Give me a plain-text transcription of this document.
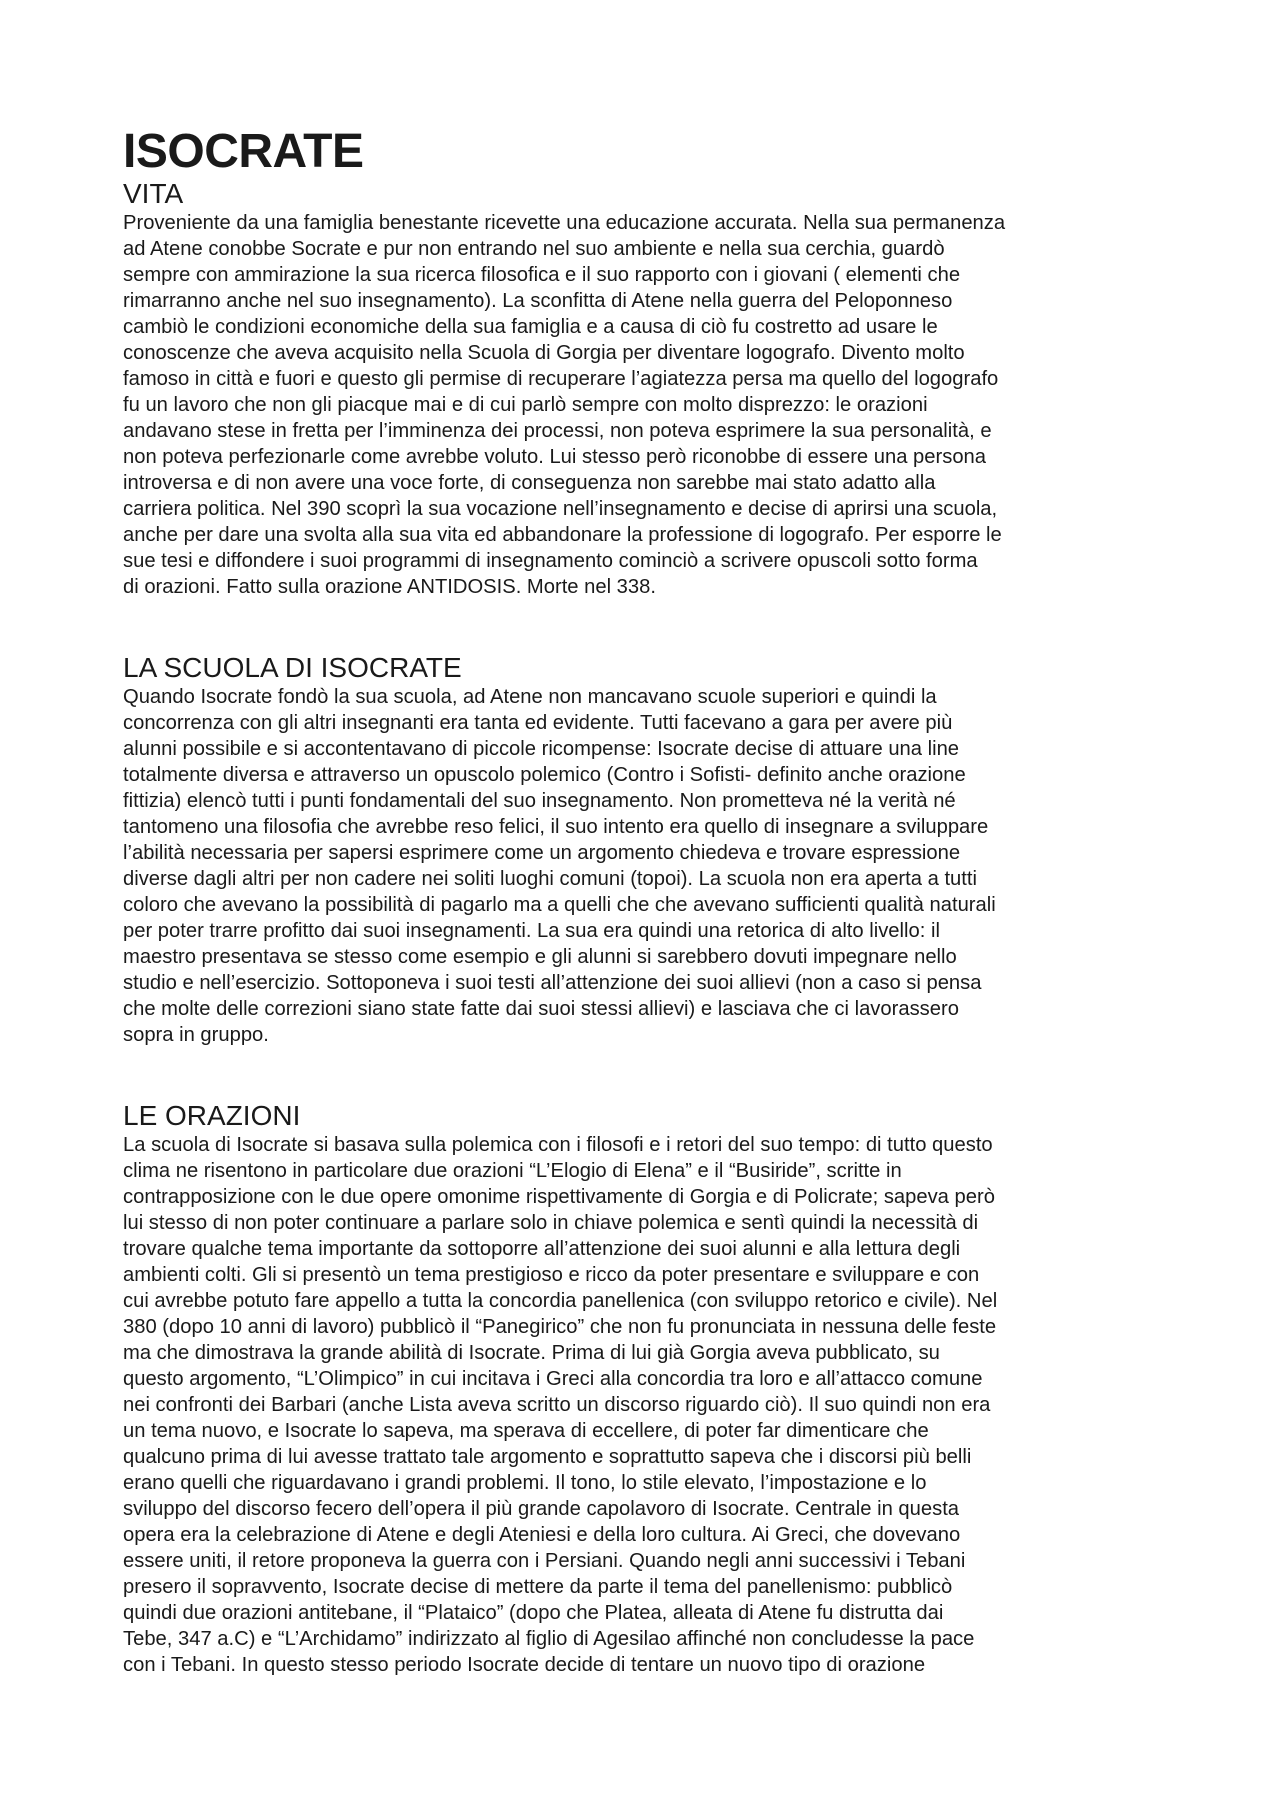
ISOCRATE
VITA

Proveniente da una famiglia benestante ricevette una educazione accurata. Nella sua permanenza
ad Atene conobbe Socrate e pur non entrando nel suo ambiente e nella sua cerchia, guardò
sempre con ammirazione la sua ricerca filosofica e il suo rapporto con i giovani ( elementi che
rimarranno anche nel suo insegnamento). La sconfitta di Atene nella guerra del Peloponneso
cambiò le condizioni economiche della sua famiglia e a causa di ciò fu costretto ad usare le
conoscenze che aveva acquisito nella Scuola di Gorgia per diventare logografo. Divento molto
famoso in città e fuori e questo gli permise di recuperare l’agiatezza persa ma quello del logografo
fu un lavoro che non gli piacque mai e di cui parlò sempre con molto disprezzo: le orazioni
andavano stese in fretta per l’imminenza dei processi, non poteva esprimere la sua personalità, e
non poteva perfezionarle come avrebbe voluto. Lui stesso però riconobbe di essere una persona
introversa e di non avere una voce forte, di conseguenza non sarebbe mai stato adatto alla
carriera politica. Nel 390 scoprì la sua vocazione nell’insegnamento e decise di aprirsi una scuola,
anche per dare una svolta alla sua vita ed abbandonare la professione di logografo. Per esporre le
sue tesi e diffondere i suoi programmi di insegnamento cominciò a scrivere opuscoli sotto forma
di orazioni. Fatto sulla orazione ANTIDOSIS. Morte nel 338.

LA SCUOLA DI ISOCRATE

Quando Isocrate fondò la sua scuola, ad Atene non mancavano scuole superiori e quindi la
concorrenza con gli altri insegnanti era tanta ed evidente. Tutti facevano a gara per avere più
alunni possibile e si accontentavano di piccole ricompense: Isocrate decise di attuare una line
totalmente diversa e attraverso un opuscolo polemico (Contro i Sofisti- definito anche orazione
fittizia) elencò tutti i punti fondamentali del suo insegnamento. Non prometteva né la verità né
tantomeno una filosofia che avrebbe reso felici, il suo intento era quello di insegnare a sviluppare
l’abilità necessaria per sapersi esprimere come un argomento chiedeva e trovare espressione
diverse dagli altri per non cadere nei soliti luoghi comuni (topoi). La scuola non era aperta a tutti
coloro che avevano la possibilità di pagarlo ma a quelli che che avevano sufficienti qualità naturali
per poter trarre profitto dai suoi insegnamenti. La sua era quindi una retorica di alto livello: il
maestro presentava se stesso come esempio e gli alunni si sarebbero dovuti impegnare nello
studio e nell’esercizio. Sottoponeva i suoi testi all’attenzione dei suoi allievi (non a caso si pensa
che molte delle correzioni siano state fatte dai suoi stessi allievi) e lasciava che ci lavorassero
sopra in gruppo.

LE ORAZIONI

La scuola di Isocrate si basava sulla polemica con i filosofi e i retori del suo tempo: di tutto questo
clima ne risentono in particolare due orazioni “L’Elogio di Elena” e il “Busiride”, scritte in
contrapposizione con le due opere omonime rispettivamente di Gorgia e di Policrate; sapeva però
lui stesso di non poter continuare a parlare solo in chiave polemica e sentì quindi la necessità di
trovare qualche tema importante da sottoporre all’attenzione dei suoi alunni e alla lettura degli
ambienti colti. Gli si presentò un tema prestigioso e ricco da poter presentare e sviluppare e con
cui avrebbe potuto fare appello a tutta la concordia panellenica (con sviluppo retorico e civile). Nel
380 (dopo 10 anni di lavoro) pubblicò il “Panegirico” che non fu pronunciata in nessuna delle feste
ma che dimostrava la grande abilità di Isocrate. Prima di lui già Gorgia aveva pubblicato, su
questo argomento, “L’Olimpico” in cui incitava i Greci alla concordia tra loro e all’attacco comune
nei confronti dei Barbari (anche Lista aveva scritto un discorso riguardo ciò). Il suo quindi non era
un tema nuovo, e Isocrate lo sapeva, ma sperava di eccellere, di poter far dimenticare che
qualcuno prima di lui avesse trattato tale argomento e soprattutto sapeva che i discorsi più belli
erano quelli che riguardavano i grandi problemi. Il tono, lo stile elevato, l’impostazione e lo
sviluppo del discorso fecero dell’opera il più grande capolavoro di Isocrate. Centrale in questa
opera era la celebrazione di Atene e degli Ateniesi e della loro cultura. Ai Greci, che dovevano
essere uniti, il retore proponeva la guerra con i Persiani. Quando negli anni successivi i Tebani
presero il sopravvento, Isocrate decise di mettere da parte il tema del panellenismo: pubblicò
quindi due orazioni antitebane, il “Plataico” (dopo che Platea, alleata di Atene fu distrutta dai
Tebe, 347 a.C) e “L’Archidamo” indirizzato al figlio di Agesilao affinché non concludesse la pace
con i Tebani. In questo stesso periodo Isocrate decide di tentare un nuovo tipo di orazione
